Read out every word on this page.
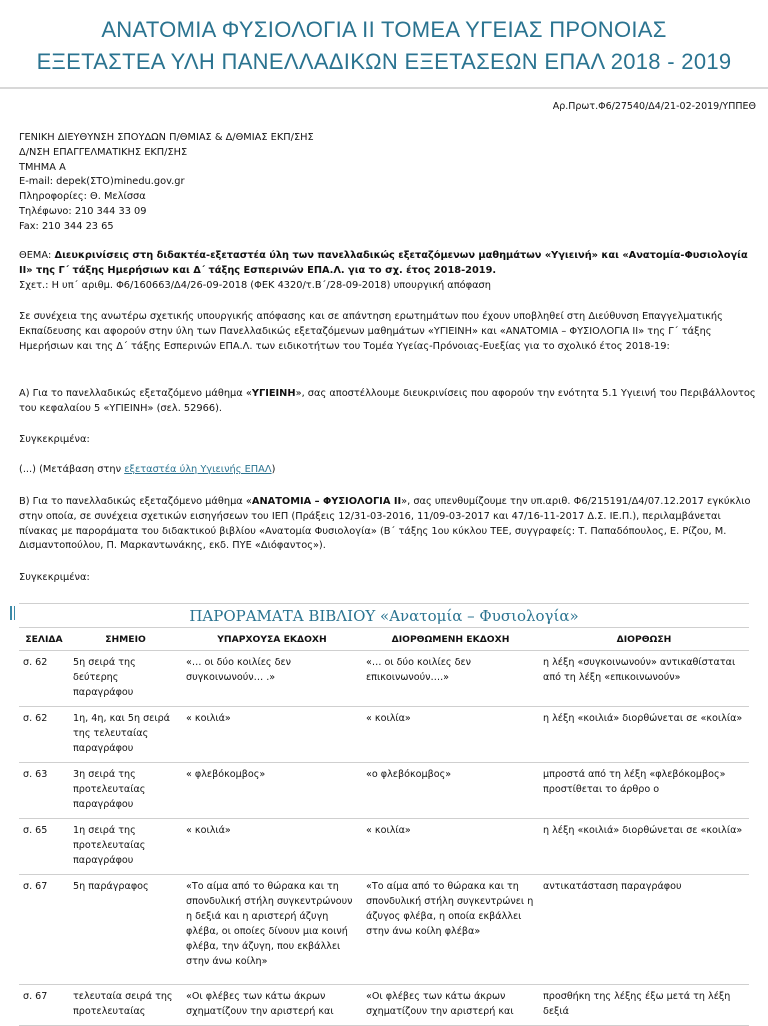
ΑΝΑΤΟΜΙΑ ΦΥΣΙΟΛΟΓΙΑ ΙΙ ΤΟΜΕΑ ΥΓΕΙΑΣ ΠΡΟΝΟΙΑΣ
ΕΞΕΤΑΣΤΕΑ ΥΛΗ ΠΑΝΕΛΛΑΔΙΚΩΝ ΕΞΕΤΑΣΕΩΝ ΕΠΑΛ 2018 - 2019
Αρ.Πρωτ.Φ6/27540/Δ4/21-02-2019/ΥΠΠΕΘ

ΓΕΝΙΚΗ ΔΙΕΥΘΥΝΣΗ ΣΠΟΥΔΩΝ Π/ΘΜΙΑΣ & Δ/ΘΜΙΑΣ ΕΚΠ/ΣΗΣ

Δ/ΝΣΗ ΕΠΑΓΓΕΛΜΑΤΙΚΗΣ ΕΚΠ/ΣΗΣ

ΤΜΗΜΑ Α

E-mail: depek(ΣΤΟ)minedu.gov.gr

Πληροφορίες: Θ. Μελίσσα

Τηλέφωνο: 210 344 33 09

Fax: 210 344 23 65

ΘΕΜΑ: Διευκρινίσεις στη διδακτέα-εξεταστέα ύλη των πανελλαδικώς εξεταζόμενων μαθημάτων «Υγιεινή» και «Ανατομία-Φυσιολογία ΙΙ» της Γ΄ τάξης Ημερήσιων και Δ΄ τάξης Εσπερινών ΕΠΑ.Λ. για το σχ. έτος 2018-2019.

Σχετ.: Η υπ΄ αριθμ. Φ6/160663/Δ4/26-09-2018 (ΦΕΚ 4320/τ.Β΄/28-09-2018) υπουργική απόφαση

Σε συνέχεια της ανωτέρω σχετικής υπουργικής απόφασης και σε απάντηση ερωτημάτων που έχουν υποβληθεί στη Διεύθυνση Επαγγελματικής Εκπαίδευσης και αφορούν στην ύλη των Πανελλαδικώς εξεταζόμενων μαθημάτων «ΥΓΙΕΙΝΗ» και «ΑΝΑΤΟΜΙΑ – ΦΥΣΙΟΛΟΓΙΑ ΙΙ» της Γ΄ τάξης Ημερήσιων και της Δ΄ τάξης Εσπερινών ΕΠΑ.Λ. των ειδικοτήτων του Τομέα Υγείας-Πρόνοιας-Ευεξίας για το σχολικό έτος 2018-19:

Α) Για το πανελλαδικώς εξεταζόμενο μάθημα «ΥΓΙΕΙΝΗ», σας αποστέλλουμε διευκρινίσεις που αφορούν την ενότητα 5.1 Υγιεινή του Περιβάλλοντος του κεφαλαίου 5 «ΥΓΙΕΙΝΗ» (σελ. 52966).

Συγκεκριμένα:

(...) (Μετάβαση στην εξεταστέα ύλη Υγιεινής ΕΠΑΛ)

Β) Για το πανελλαδικώς εξεταζόμενο μάθημα «ΑΝΑΤΟΜΙΑ – ΦΥΣΙΟΛΟΓΙΑ ΙΙ», σας υπενθυμίζουμε την υπ.αριθ. Φ6/215191/Δ4/07.12.2017 εγκύκλιο στην οποία, σε συνέχεια σχετικών εισηγήσεων του ΙΕΠ (Πράξεις 12/31-03-2016, 11/09-03-2017 και 47/16-11-2017 Δ.Σ. ΙΕ.Π.), περιλαμβάνεται πίνακας με παροράματα του διδακτικού βιβλίου «Ανατομία Φυσιολογία» (Β΄ τάξης 1ου κύκλου ΤΕΕ, συγγραφείς: Τ. Παπαδόπουλος, Ε. Ρίζου, Μ. Δισμαντοπούλου, Π. Μαρκαντωνάκης, εκδ. ΠΥΕ «Διόφαντος»).

Συγκεκριμένα:

ΠΑΡΟΡΑΜΑΤΑ ΒΙΒΛΙΟΥ «Ανατομία – Φυσιολογία»
ΣΕΛΙΔΑ	ΣΗΜΕΙΟ	ΥΠΑΡΧΟΥΣΑ ΕΚΔΟΧΗ	ΔΙΟΡΘΩΜΕΝΗ ΕΚΔΟΧΗ	ΔΙΟΡΘΩΣΗ
σ. 62	5η σειρά της δεύτερης παραγράφου	«… οι δύο κοιλίες δεν συγκοινωνούν… .»	«… οι δύο κοιλίες δεν επικοινωνούν….»	η λέξη «συγκοινωνούν» αντικαθίσταται από τη λέξη «επικοινωνούν»
σ. 62	1η, 4η, και 5η σειρά της τελευταίας παραγράφου	« κοιλιά»	« κοιλία»	η λέξη «κοιλιά» διορθώνεται σε «κοιλία»
σ. 63	3η σειρά της προτελευταίας παραγράφου	« φλεβόκομβος»	«ο φλεβόκομβος»	μπροστά από τη λέξη «φλεβόκομβος» προστίθεται το άρθρο ο
σ. 65	1η σειρά της προτελευταίας παραγράφου	« κοιλιά»	« κοιλία»	η λέξη «κοιλιά» διορθώνεται σε «κοιλία»
σ. 67	5η παράγραφος	«Το αίμα από το θώρακα και τη σπονδυλική στήλη συγκεντρώνουν η δεξιά και η αριστερή άζυγη φλέβα, οι οποίες δίνουν μια κοινή φλέβα, την άζυγη, που εκβάλλει στην άνω κοίλη»	«Το αίμα από το θώρακα και τη σπονδυλική στήλη συγκεντρώνει η άζυγος φλέβα, η οποία εκβάλλει στην άνω κοίλη φλέβα»	αντικατάσταση παραγράφου
σ. 67	τελευταία σειρά της προτελευταίας	«Οι φλέβες των κάτω άκρων σχηματίζουν την αριστερή και	«Οι φλέβες των κάτω άκρων σχηματίζουν την αριστερή και	προσθήκη της λέξης έξω μετά τη λέξη δεξιά
